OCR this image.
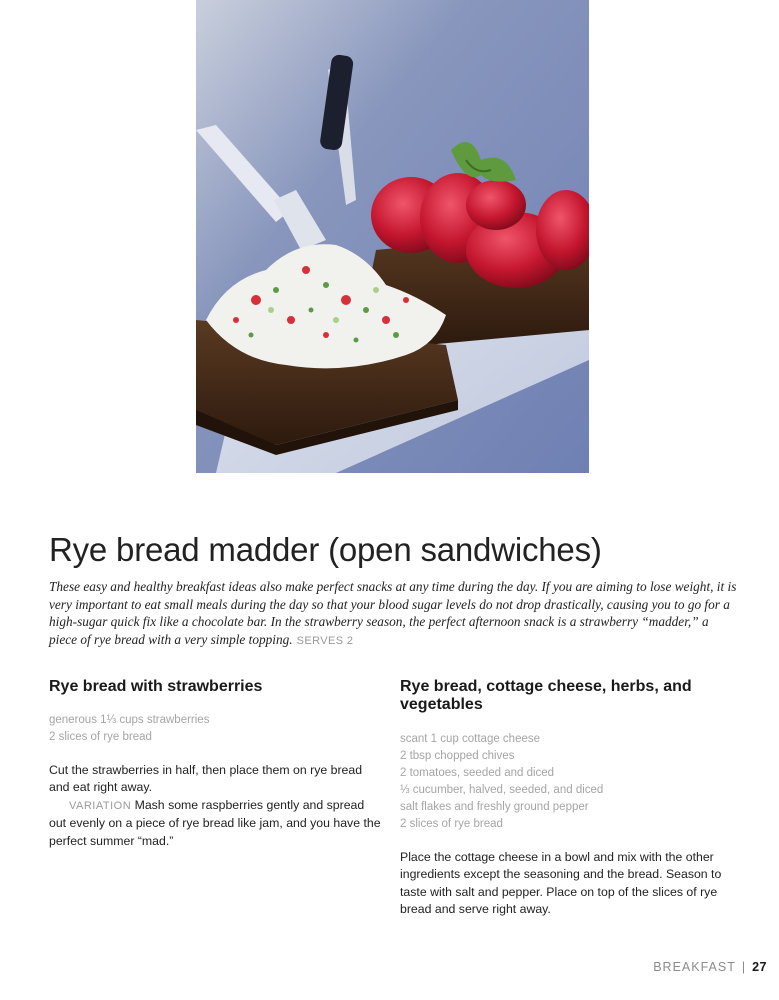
Rye bread madder (open sandwiches)

These easy and healthy breakfast ideas also make perfect snacks at any time during the day. If you are aiming to lose weight, it is very important to eat small meals during the day so that your blood sugar levels do not drop drastically, causing you to go for a high-sugar quick fix like a chocolate bar. In the strawberry season, the perfect afternoon snack is a strawberry “madder,” a piece of rye bread with a very simple topping. SERVES 2

Rye bread with strawberries
generous 1⅓ cups strawberries
2 slices of rye bread

Cut the strawberries in half, then place them on rye bread and eat right away.

VARIATION Mash some raspberries gently and spread out evenly on a piece of rye bread like jam, and you have the perfect summer “mad.”

Rye bread, cottage cheese, herbs, and vegetables
scant 1 cup cottage cheese
2 tbsp chopped chives
2 tomatoes, seeded and diced
⅓ cucumber, halved, seeded, and diced
salt flakes and freshly ground pepper
2 slices of rye bread

Place the cottage cheese in a bowl and mix with the other ingredients except the seasoning and the bread. Season to taste with salt and pepper. Place on top of the slices of rye bread and serve right away.

BREAKFAST | 27
